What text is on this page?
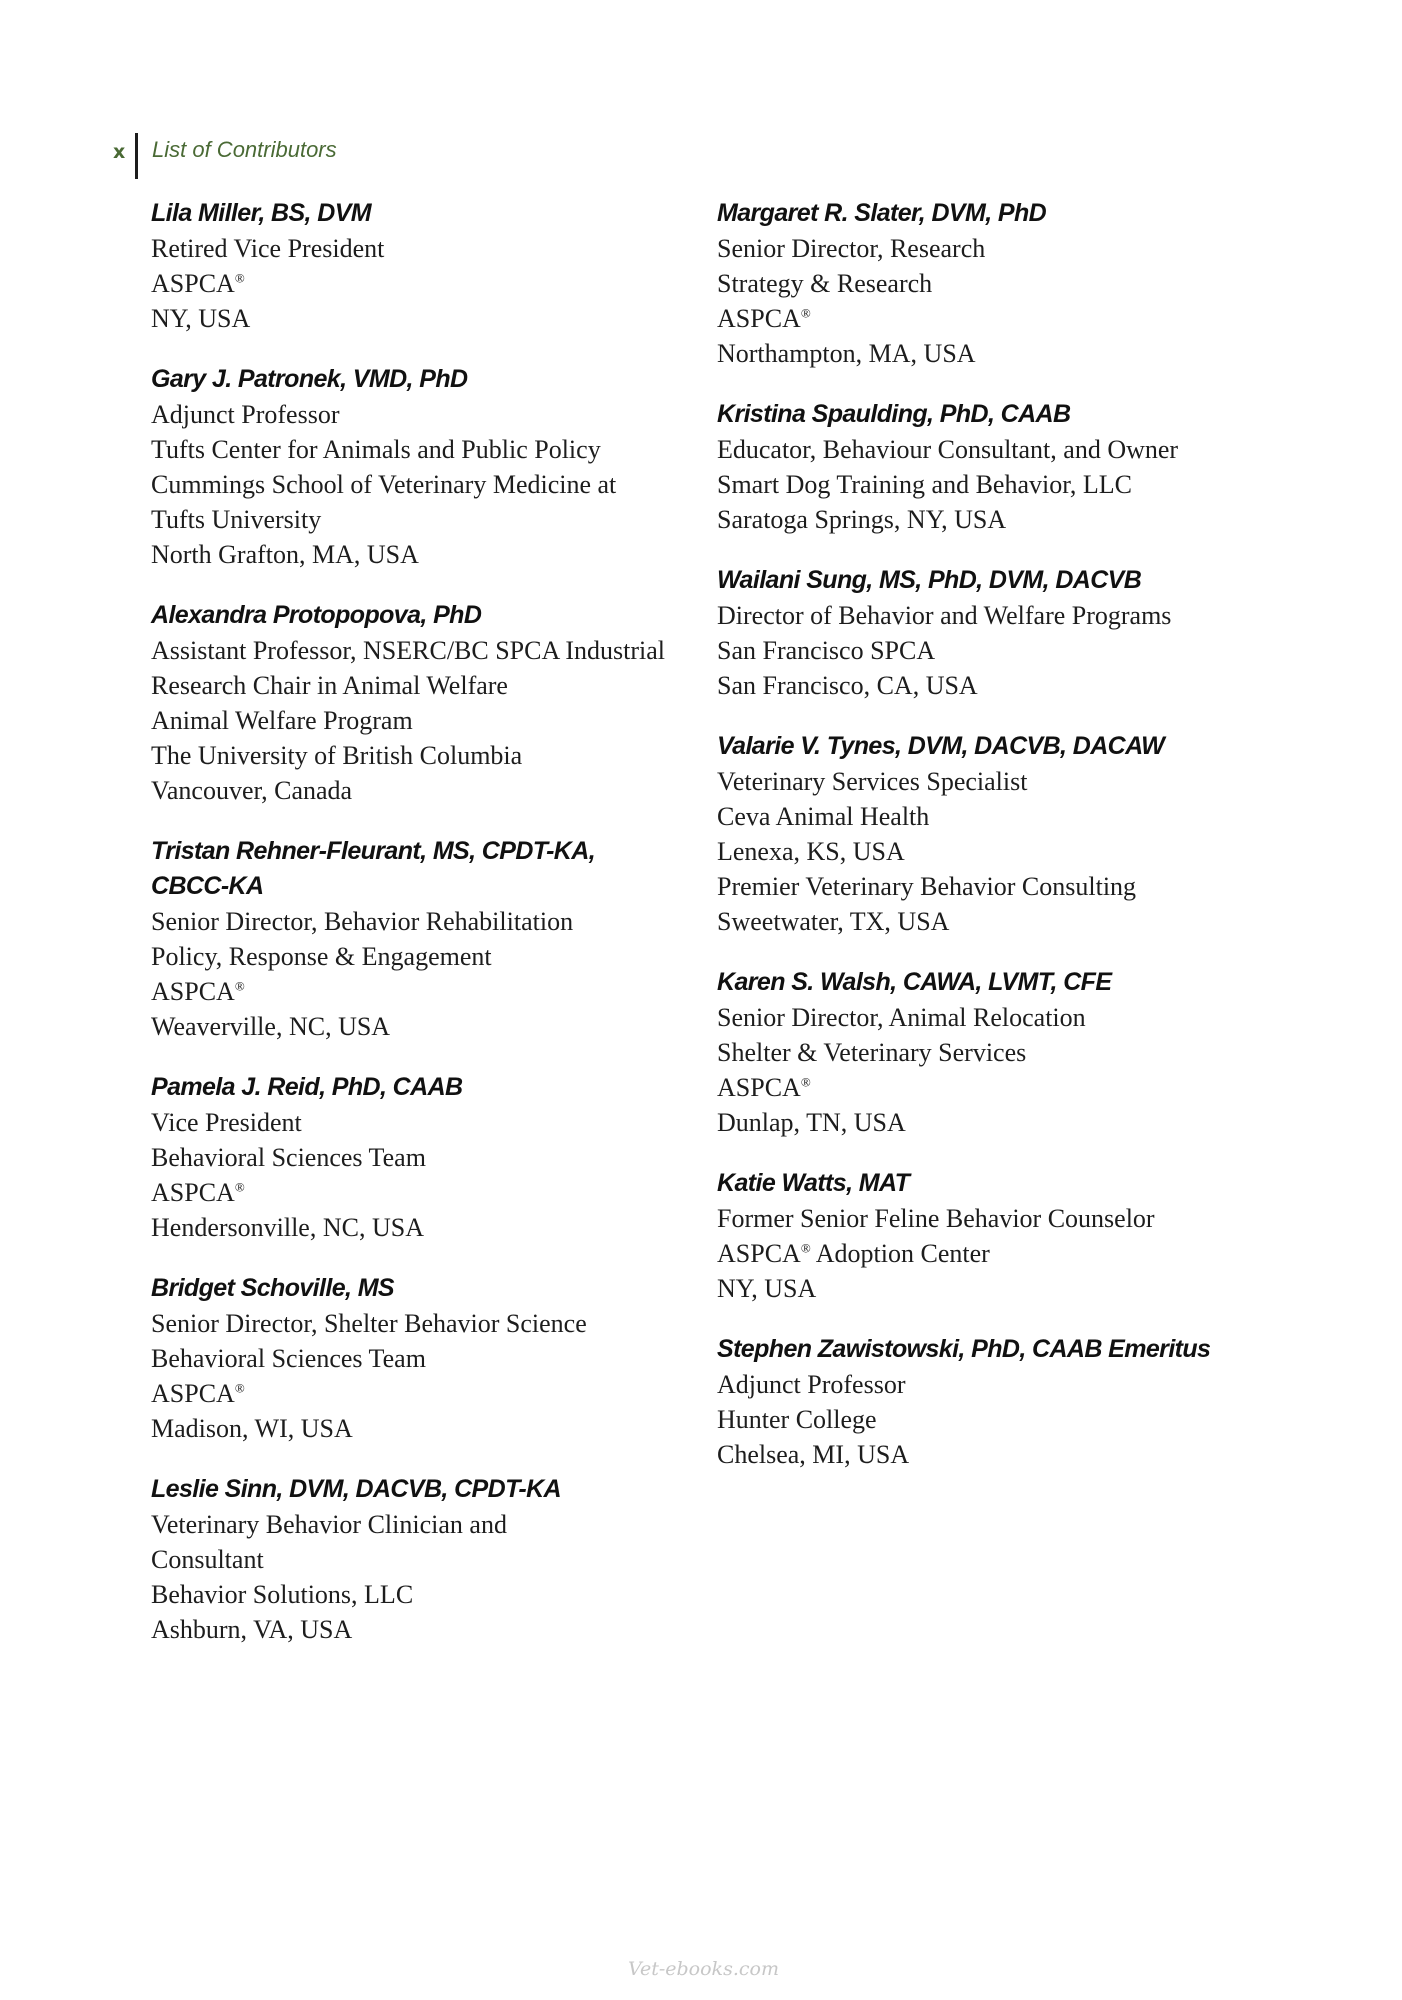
x List of Contributors
Lila Miller, BS, DVM
Retired Vice President
ASPCA®
NY, USA
Gary J. Patronek, VMD, PhD
Adjunct Professor
Tufts Center for Animals and Public Policy
Cummings School of Veterinary Medicine at
Tufts University
North Grafton, MA, USA
Alexandra Protopopova, PhD
Assistant Professor, NSERC/BC SPCA Industrial
Research Chair in Animal Welfare
Animal Welfare Program
The University of British Columbia
Vancouver, Canada
Tristan Rehner-Fleurant, MS, CPDT-KA,
CBCC-KA
Senior Director, Behavior Rehabilitation
Policy, Response & Engagement
ASPCA®
Weaverville, NC, USA
Pamela J. Reid, PhD, CAAB
Vice President
Behavioral Sciences Team
ASPCA®
Hendersonville, NC, USA
Bridget Schoville, MS
Senior Director, Shelter Behavior Science
Behavioral Sciences Team
ASPCA®
Madison, WI, USA
Leslie Sinn, DVM, DACVB, CPDT-KA
Veterinary Behavior Clinician and
Consultant
Behavior Solutions, LLC
Ashburn, VA, USA
Margaret R. Slater, DVM, PhD
Senior Director, Research
Strategy & Research
ASPCA®
Northampton, MA, USA
Kristina Spaulding, PhD, CAAB
Educator, Behaviour Consultant, and Owner
Smart Dog Training and Behavior, LLC
Saratoga Springs, NY, USA
Wailani Sung, MS, PhD, DVM, DACVB
Director of Behavior and Welfare Programs
San Francisco SPCA
San Francisco, CA, USA
Valarie V. Tynes, DVM, DACVB, DACAW
Veterinary Services Specialist
Ceva Animal Health
Lenexa, KS, USA
Premier Veterinary Behavior Consulting
Sweetwater, TX, USA
Karen S. Walsh, CAWA, LVMT, CFE
Senior Director, Animal Relocation
Shelter & Veterinary Services
ASPCA®
Dunlap, TN, USA
Katie Watts, MAT
Former Senior Feline Behavior Counselor
ASPCA® Adoption Center
NY, USA
Stephen Zawistowski, PhD, CAAB Emeritus
Adjunct Professor
Hunter College
Chelsea, MI, USA
Vet-ebooks.com
